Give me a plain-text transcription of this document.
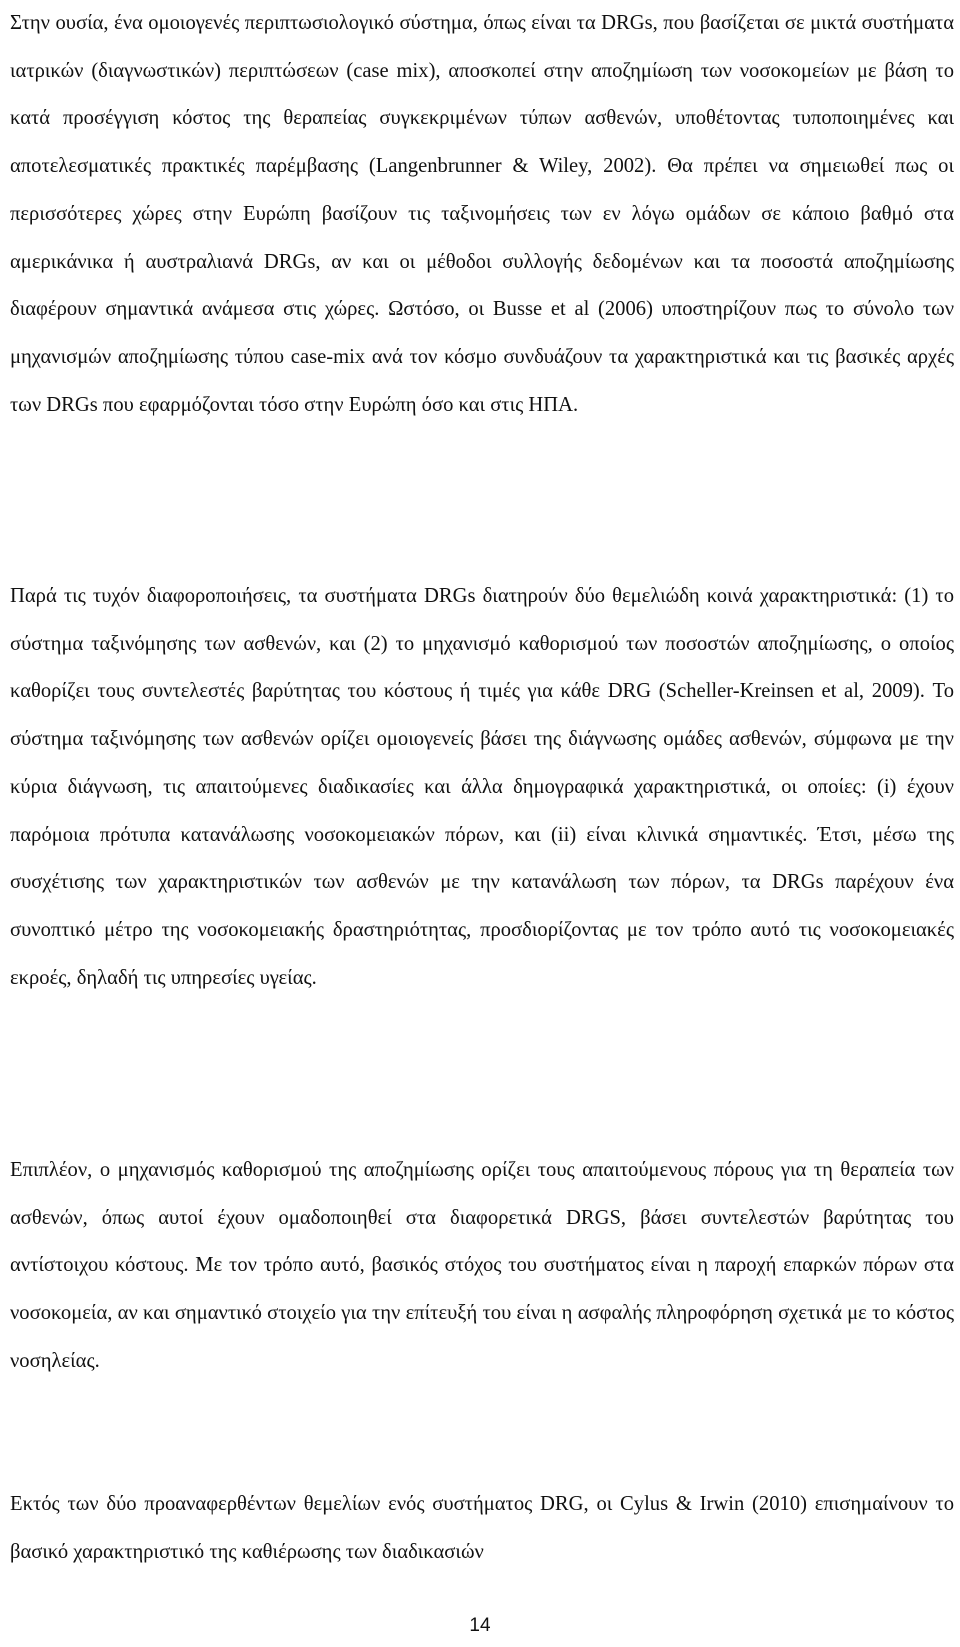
Στην ουσία, ένα ομοιογενές περιπτωσιολογικό σύστημα, όπως είναι τα DRGs, που βασίζεται σε μικτά συστήματα ιατρικών (διαγνωστικών) περιπτώσεων (case mix), αποσκοπεί στην αποζημίωση των νοσοκομείων με βάση το κατά προσέγγιση κόστος της θεραπείας συγκεκριμένων τύπων ασθενών, υποθέτοντας τυποποιημένες και αποτελεσματικές πρακτικές παρέμβασης (Langenbrunner & Wiley, 2002). Θα πρέπει να σημειωθεί πως οι περισσότερες χώρες στην Ευρώπη βασίζουν τις ταξινομήσεις των εν λόγω ομάδων σε κάποιο βαθμό στα αμερικάνικα ή αυστραλιανά DRGs, αν και οι μέθοδοι συλλογής δεδομένων και τα ποσοστά αποζημίωσης διαφέρουν σημαντικά ανάμεσα στις χώρες. Ωστόσο, οι Busse et al (2006) υποστηρίζουν πως το σύνολο των μηχανισμών αποζημίωσης τύπου case-mix ανά τον κόσμο συνδυάζουν τα χαρακτηριστικά και τις βασικές αρχές των DRGs που εφαρμόζονται τόσο στην Ευρώπη όσο και στις ΗΠΑ.

Παρά τις τυχόν διαφοροποιήσεις, τα συστήματα DRGs διατηρούν δύο θεμελιώδη κοινά χαρακτηριστικά: (1) το σύστημα ταξινόμησης των ασθενών, και (2) το μηχανισμό καθορισμού των ποσοστών αποζημίωσης, ο οποίος καθορίζει τους συντελεστές βαρύτητας του κόστους ή τιμές για κάθε DRG (Scheller-Kreinsen et al, 2009). Το σύστημα ταξινόμησης των ασθενών ορίζει ομοιογενείς βάσει της διάγνωσης ομάδες ασθενών, σύμφωνα με την κύρια διάγνωση, τις απαιτούμενες διαδικασίες και άλλα δημογραφικά χαρακτηριστικά, οι οποίες: (i) έχουν παρόμοια πρότυπα κατανάλωσης νοσοκομειακών πόρων, και (ii) είναι κλινικά σημαντικές. Έτσι, μέσω της συσχέτισης των χαρακτηριστικών των ασθενών με την κατανάλωση των πόρων, τα DRGs παρέχουν ένα συνοπτικό μέτρο της νοσοκομειακής δραστηριότητας, προσδιορίζοντας με τον τρόπο αυτό τις νοσοκομειακές εκροές, δηλαδή τις υπηρεσίες υγείας.

Επιπλέον, ο μηχανισμός καθορισμού της αποζημίωσης ορίζει τους απαιτούμενους πόρους για τη θεραπεία των ασθενών, όπως αυτοί έχουν ομαδοποιηθεί στα διαφορετικά DRGS, βάσει συντελεστών βαρύτητας του αντίστοιχου κόστους. Με τον τρόπο αυτό, βασικός στόχος του συστήματος είναι η παροχή επαρκών πόρων στα νοσοκομεία, αν και σημαντικό στοιχείο για την επίτευξή του είναι η ασφαλής πληροφόρηση σχετικά με το κόστος νοσηλείας.

Εκτός των δύο προαναφερθέντων θεμελίων ενός συστήματος DRG, οι Cylus & Irwin (2010) επισημαίνουν το βασικό χαρακτηριστικό της καθιέρωσης των διαδικασιών

14
